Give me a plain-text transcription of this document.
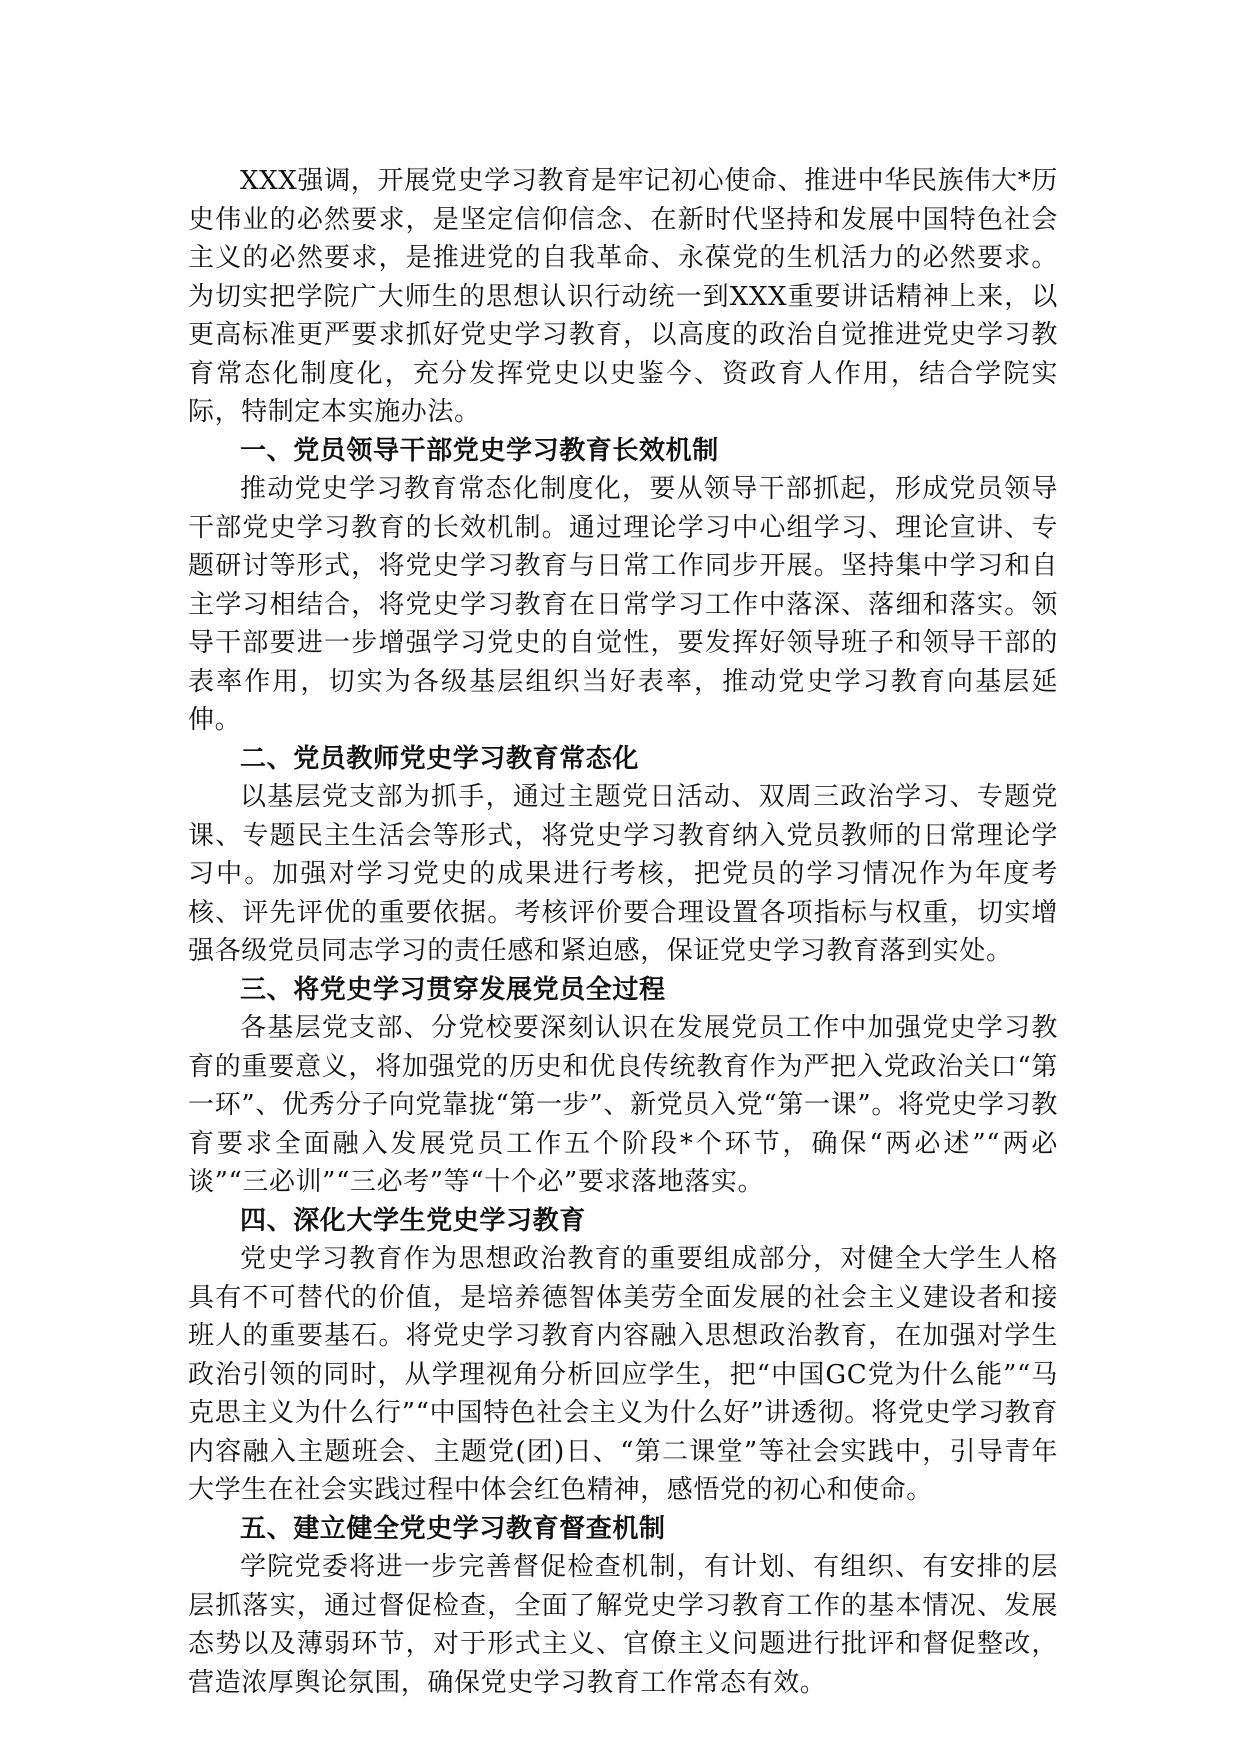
XXX强调，开展党史学习教育是牢记初心使命、推进中华民族伟大*历史伟业的必然要求，是坚定信仰信念、在新时代坚持和发展中国特色社会主义的必然要求，是推进党的自我革命、永葆党的生机活力的必然要求。为切实把学院广大师生的思想认识行动统一到XXX重要讲话精神上来，以更高标准更严要求抓好党史学习教育，以高度的政治自觉推进党史学习教育常态化制度化，充分发挥党史以史鉴今、资政育人作用，结合学院实际，特制定本实施办法。

一、党员领导干部党史学习教育长效机制

推动党史学习教育常态化制度化，要从领导干部抓起，形成党员领导干部党史学习教育的长效机制。通过理论学习中心组学习、理论宣讲、专题研讨等形式，将党史学习教育与日常工作同步开展。坚持集中学习和自主学习相结合，将党史学习教育在日常学习工作中落深、落细和落实。领导干部要进一步增强学习党史的自觉性，要发挥好领导班子和领导干部的表率作用，切实为各级基层组织当好表率，推动党史学习教育向基层延伸。

二、党员教师党史学习教育常态化

以基层党支部为抓手，通过主题党日活动、双周三政治学习、专题党课、专题民主生活会等形式，将党史学习教育纳入党员教师的日常理论学习中。加强对学习党史的成果进行考核，把党员的学习情况作为年度考核、评先评优的重要依据。考核评价要合理设置各项指标与权重，切实增强各级党员同志学习的责任感和紧迫感，保证党史学习教育落到实处。

三、将党史学习贯穿发展党员全过程

各基层党支部、分党校要深刻认识在发展党员工作中加强党史学习教育的重要意义，将加强党的历史和优良传统教育作为严把入党政治关口“第一环”、优秀分子向党靠拢“第一步”、新党员入党“第一课”。将党史学习教育要求全面融入发展党员工作五个阶段*个环节，确保“两必述”“两必谈”“三必训”“三必考”等“十个必”要求落地落实。

四、深化大学生党史学习教育

党史学习教育作为思想政治教育的重要组成部分，对健全大学生人格具有不可替代的价值，是培养德智体美劳全面发展的社会主义建设者和接班人的重要基石。将党史学习教育内容融入思想政治教育，在加强对学生政治引领的同时，从学理视角分析回应学生，把“中国GC党为什么能”“马克思主义为什么行”“中国特色社会主义为什么好”讲透彻。将党史学习教育内容融入主题班会、主题党(团)日、“第二课堂”等社会实践中，引导青年大学生在社会实践过程中体会红色精神，感悟党的初心和使命。

五、建立健全党史学习教育督查机制

学院党委将进一步完善督促检查机制，有计划、有组织、有安排的层层抓落实，通过督促检查，全面了解党史学习教育工作的基本情况、发展态势以及薄弱环节，对于形式主义、官僚主义问题进行批评和督促整改，营造浓厚舆论氛围，确保党史学习教育工作常态有效。
